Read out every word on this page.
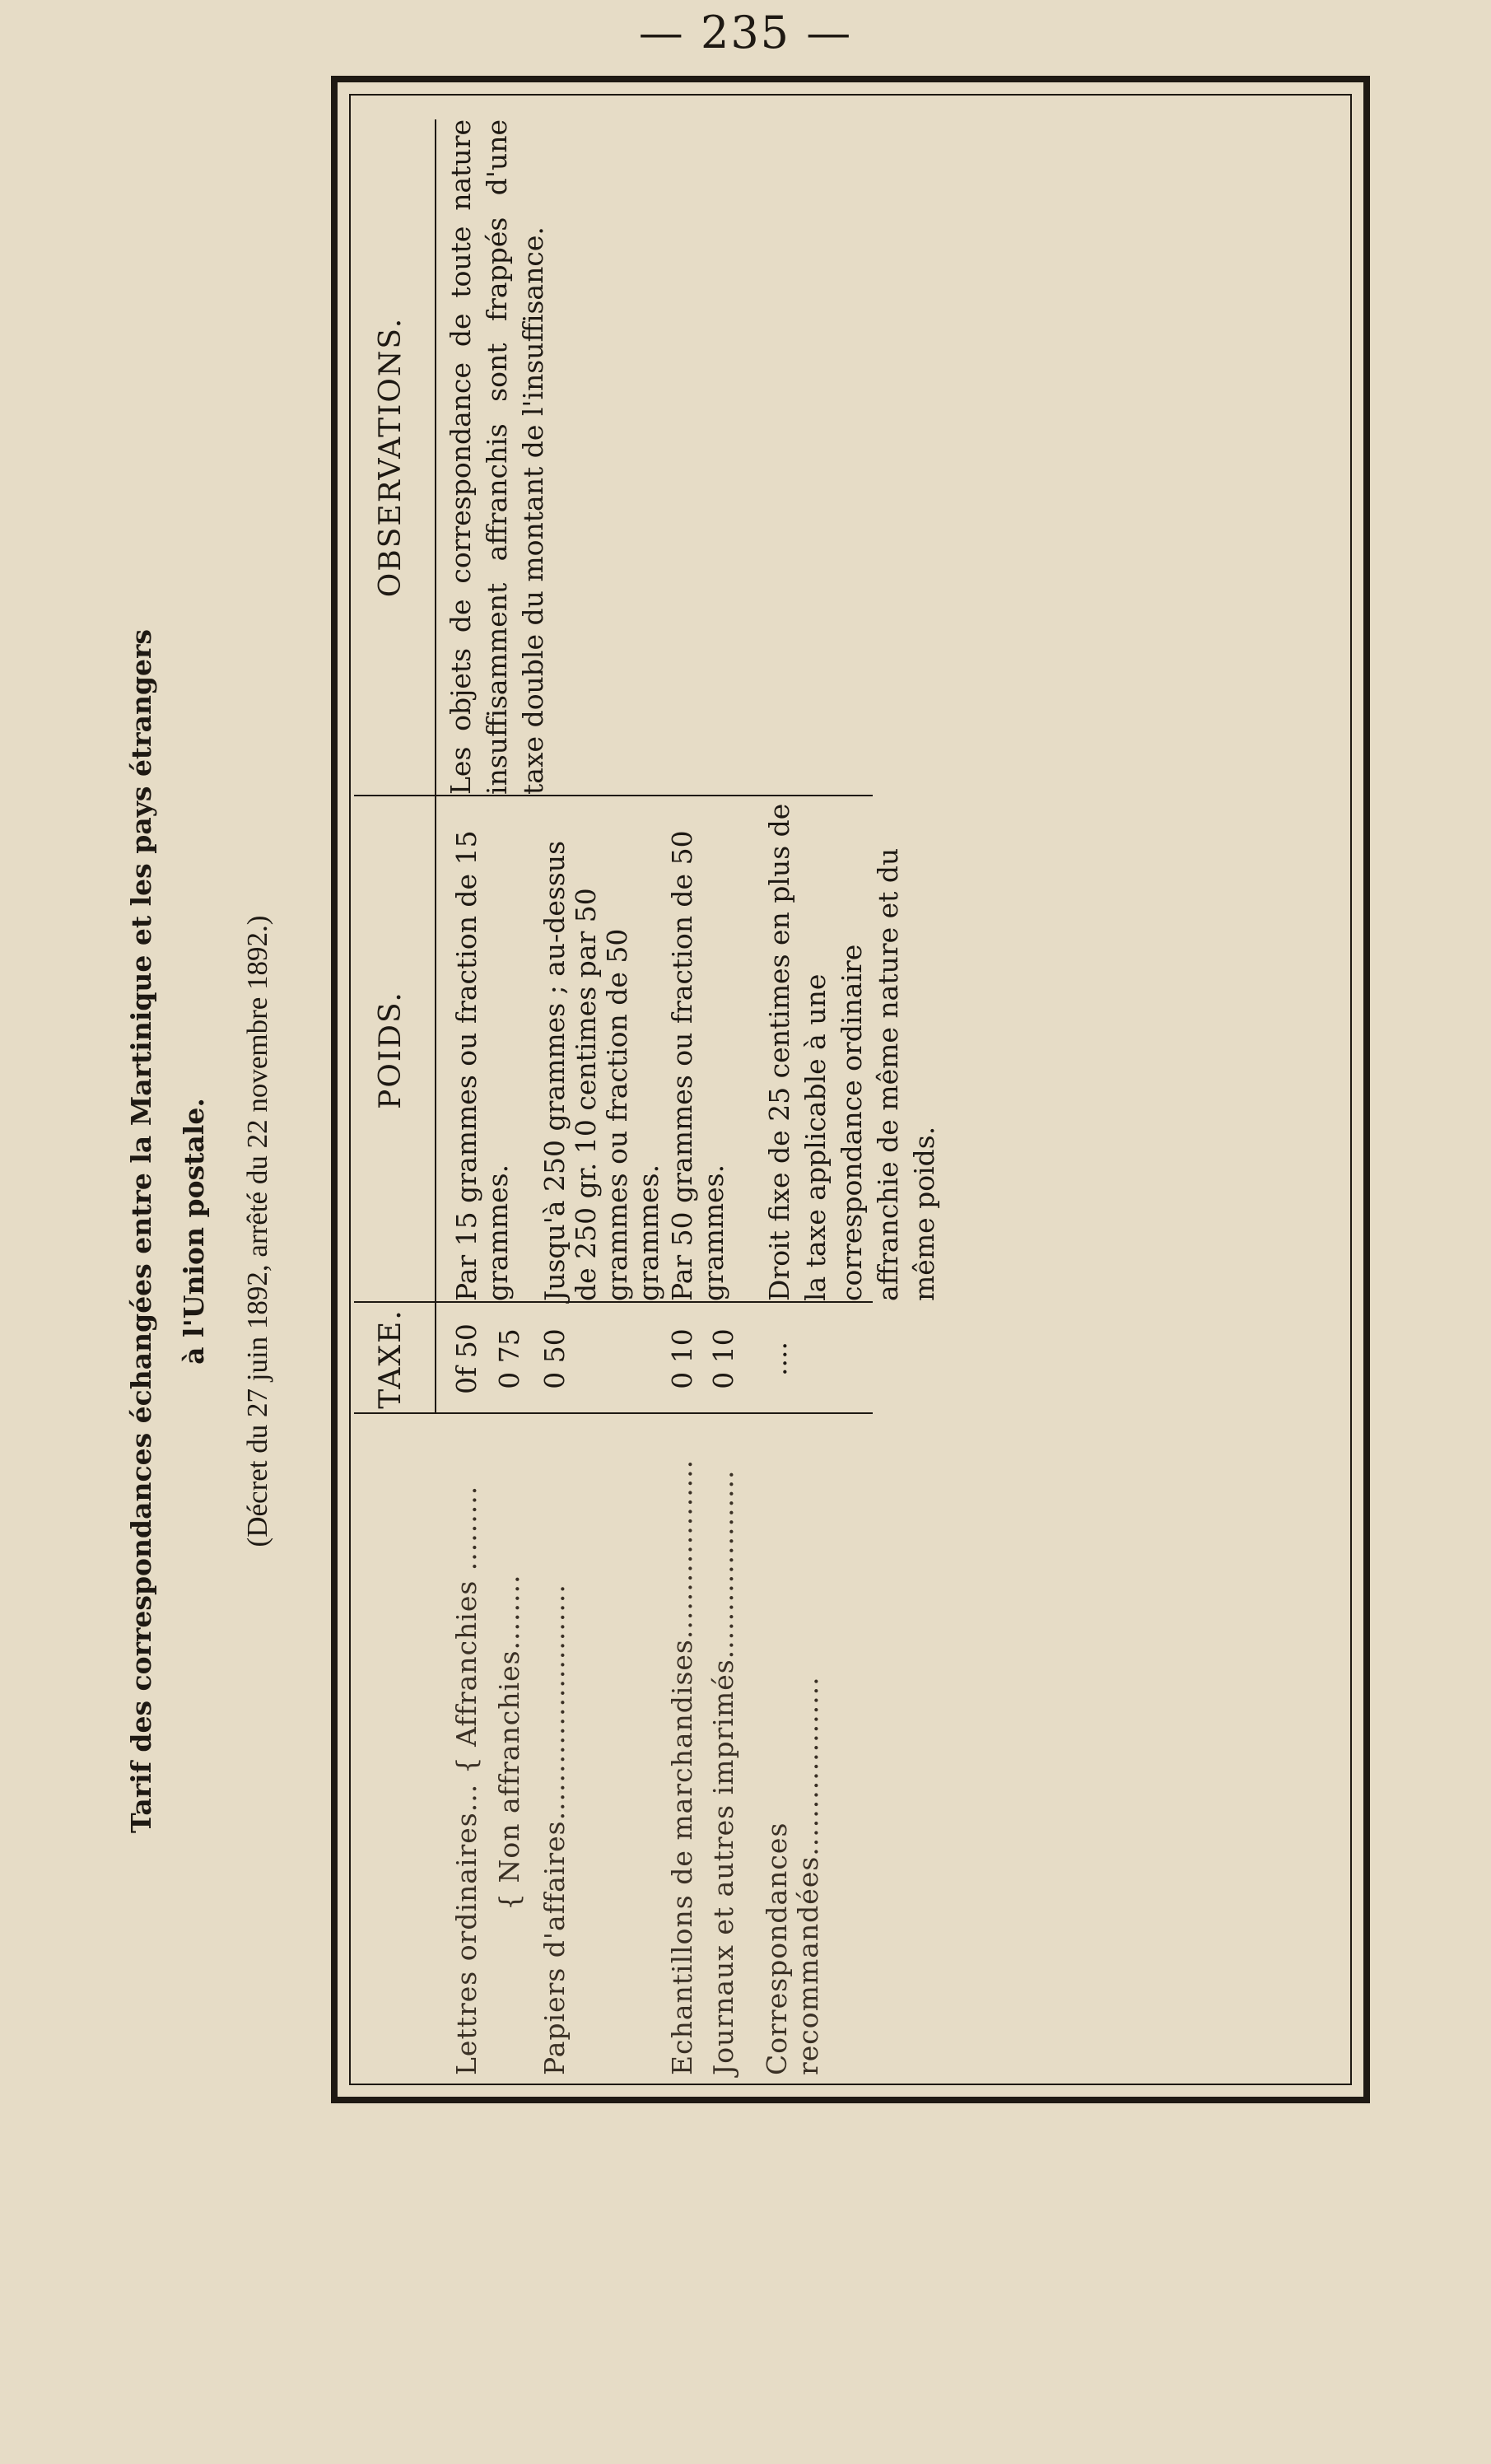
— 235 —
Tarif des correspondances échangées entre la Martinique et les pays étrangers à l'Union postale.	(Décret du 27 juin 1892, arrêté du 22 novembre 1892.)	TAXE.
POIDS.
OBSERVATIONS.
Lettres ordinaires... { Affranchies .........
0f 50
Par 15 grammes ou fraction de 15 grammes.
{ Non affranchies........
0 75
Papiers d'affaires.........................
0 50
Jusqu'à 250 grammes ; au-dessus de 250 gr. 10 centimes par 50 grammes ou fraction de 50 grammes.
Echantillons de marchandises...................
0 10
Par 50 grammes ou fraction de 50 grammes.
Journaux et autres imprimés....................
0 10
Correspondances recommandées...................
....
Droit fixe de 25 centimes en plus de la taxe applicable à une correspondance ordinaire affranchie de même nature et du même poids.
Les objets de correspondance de toute nature insuffisamment affranchis sont frappés d'une taxe double du montant de l'insuffisance.
